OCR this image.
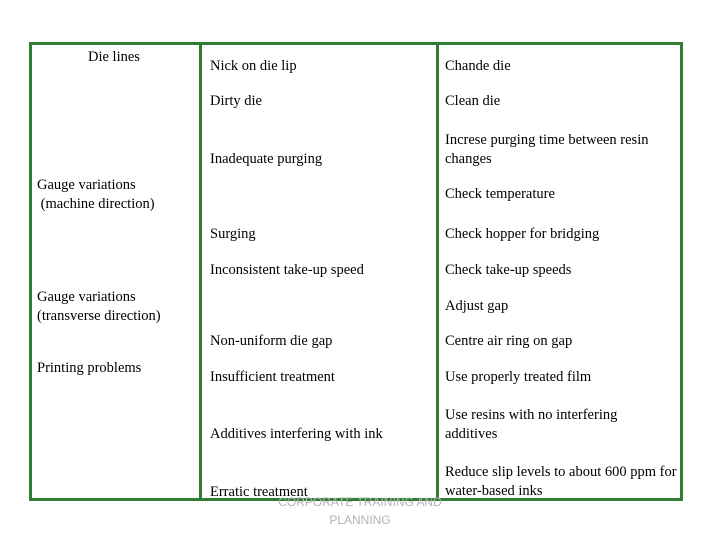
Die lines
Gauge variations
(machine direction)
Gauge variations
(transverse direction)
Printing problems
Nick on die lip
Dirty die
Inadequate purging
Surging
Inconsistent take-up speed
Non-uniform die gap
Insufficient treatment
Additives interfering with ink
Erratic treatment
Chande die
Clean die
Increse purging time between resin changes
Check temperature
Check hopper for bridging
Check take-up speeds
Adjust gap
Centre air ring on gap
Use properly treated film
Use resins with no interfering additives
Reduce slip levels to about 600 ppm for water-based inks
CORPORATE TRAINING AND PLANNING
